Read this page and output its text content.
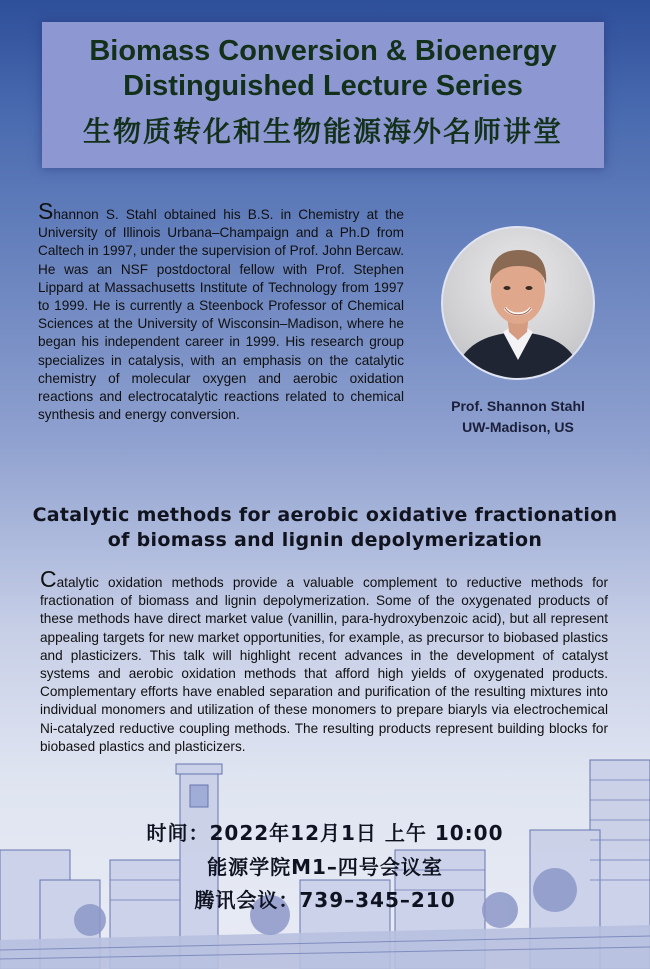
Biomass Conversion & Bioenergy
Distinguished Lecture Series
生物质转化和生物能源海外名师讲堂
Shannon S. Stahl obtained his B.S. in Chemistry at the University of Illinois Urbana–Champaign and a Ph.D from Caltech in 1997, under the supervision of Prof. John Bercaw. He was an NSF postdoctoral fellow with Prof. Stephen Lippard at Massachusetts Institute of Technology from 1997 to 1999. He is currently a Steenbock Professor of Chemical Sciences at the University of Wisconsin–Madison, where he began his independent career in 1999. His research group specializes in catalysis, with an emphasis on the catalytic chemistry of molecular oxygen and aerobic oxidation reactions and electrocatalytic reactions related to chemical synthesis and energy conversion.
Prof. Shannon Stahl
UW-Madison, US
Catalytic methods for aerobic oxidative fractionation
of biomass and lignin depolymerization
Catalytic oxidation methods provide a valuable complement to reductive methods for fractionation of biomass and lignin depolymerization. Some of the oxygenated products of these methods have direct market value (vanillin, para-hydroxybenzoic acid), but all represent appealing targets for new market opportunities, for example, as precursor to biobased plastics and plasticizers. This talk will highlight recent advances in the development of catalyst systems and aerobic oxidation methods that afford high yields of oxygenated products. Complementary efforts have enabled separation and purification of the resulting mixtures into individual monomers and utilization of these monomers to prepare biaryls via electrochemical Ni-catalyzed reductive coupling methods. The resulting products represent building blocks for biobased plastics and plasticizers.
时间：2022年12月1日 上午 10:00
能源学院M1–四号会议室
腾讯会议：739–345–210
